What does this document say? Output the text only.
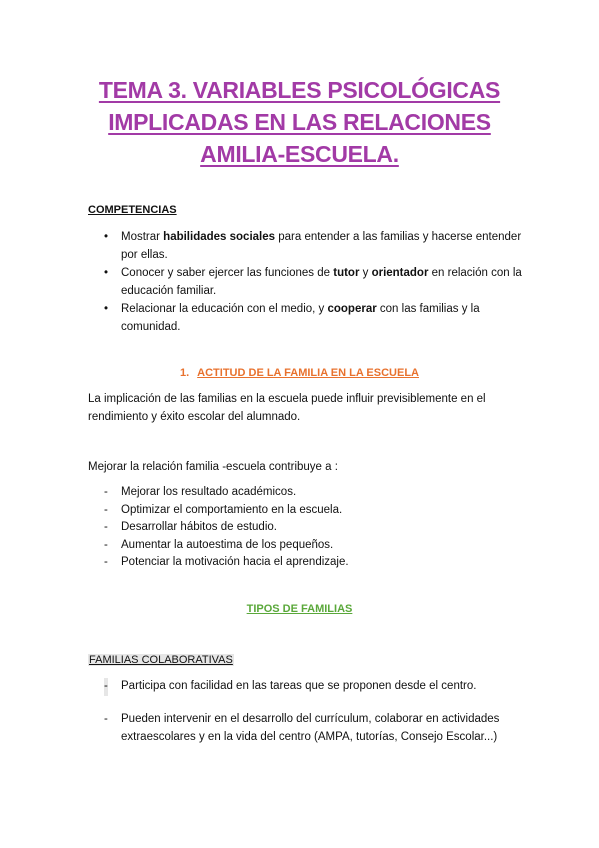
TEMA 3. VARIABLES PSICOLÓGICAS
IMPLICADAS EN LAS RELACIONES
AMILIA-ESCUELA.
COMPETENCIAS
• Mostrar habilidades sociales para entender a las familias y hacerse entender por ellas.
• Conocer y saber ejercer las funciones de tutor y orientador en relación con la educación familiar.
• Relacionar la educación con el medio, y cooperar con las familias y la comunidad.
1. ACTITUD DE LA FAMILIA EN LA ESCUELA
La implicación de las familias en la escuela puede influir previsiblemente en el rendimiento y éxito escolar del alumnado.
Mejorar la relación familia -escuela contribuye a :
- Mejorar los resultado académicos.
- Optimizar el comportamiento en la escuela.
- Desarrollar hábitos de estudio.
- Aumentar la autoestima de los pequeños.
- Potenciar la motivación hacia el aprendizaje.
TIPOS DE FAMILIAS
FAMILIAS COLABORATIVAS
- Participa con facilidad en las tareas que se proponen desde el centro.
- Pueden intervenir en el desarrollo del currículum, colaborar en actividades extraescolares y en la vida del centro (AMPA, tutorías, Consejo Escolar...)
